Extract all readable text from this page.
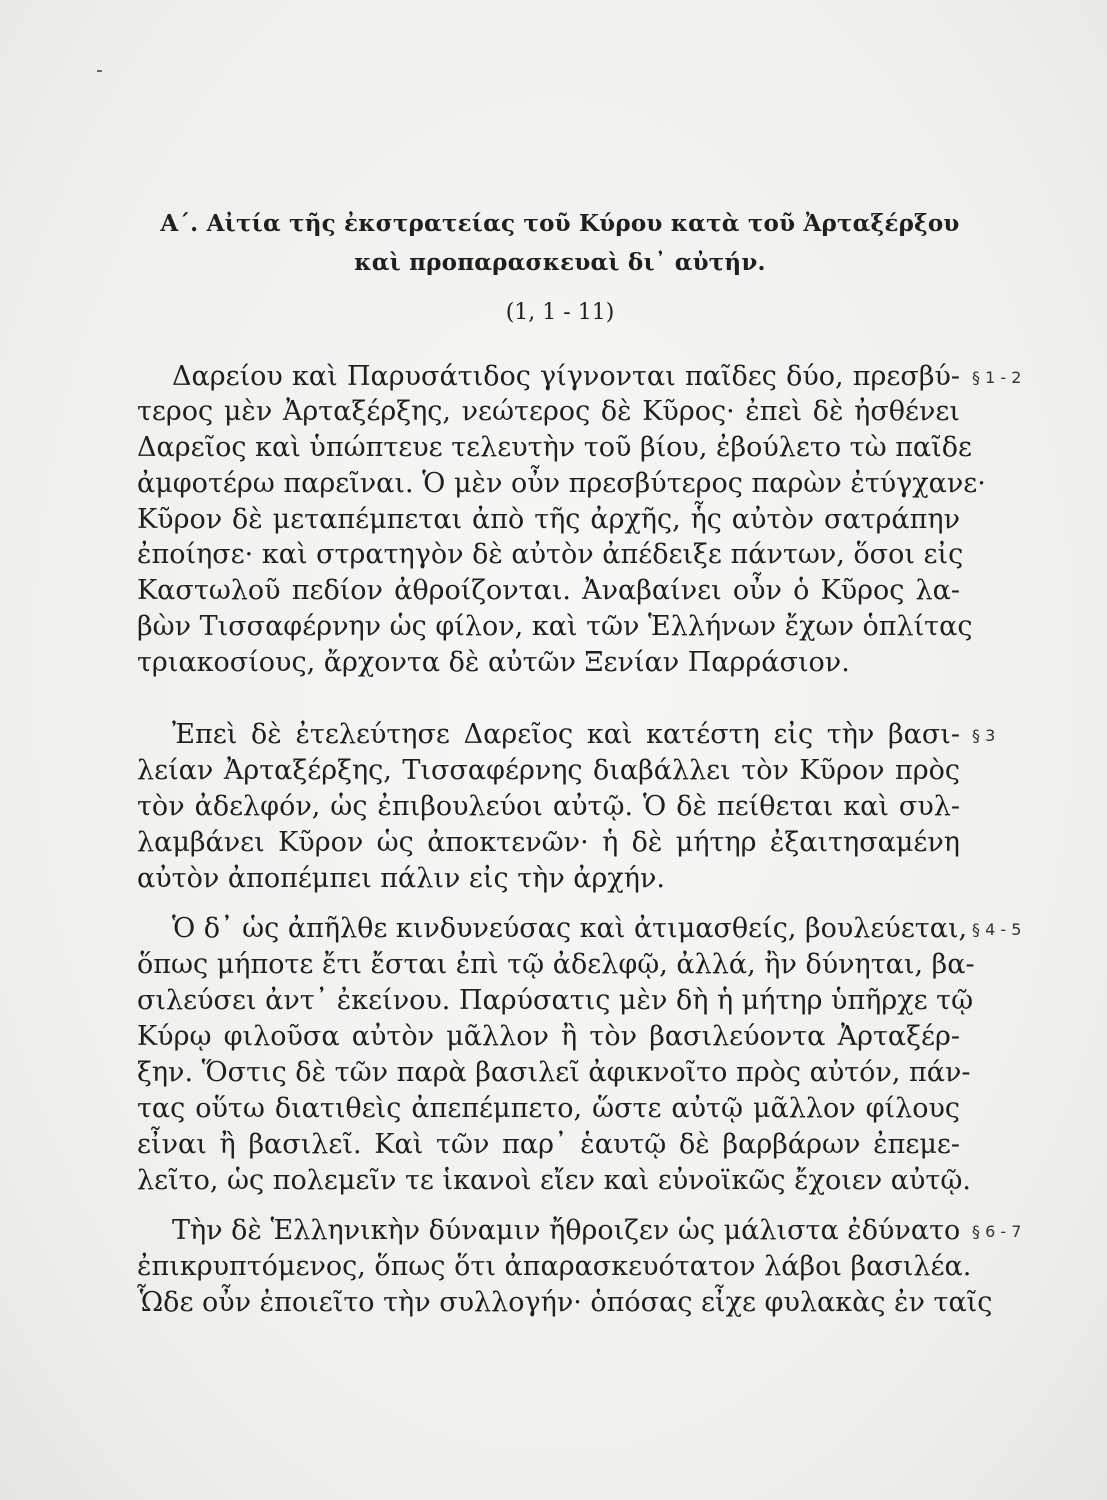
Α΄. Αἰτία τῆς ἐκστρατείας τοῦ Κύρου κατὰ τοῦ Ἀρταξέρξου
καὶ προπαρασκευαὶ δι᾽ αὐτήν.
(1, 1 - 11)
Δαρείου καὶ Παρυσάτιδος γίγνονται παῖδες δύο, πρεσβύ-
τερος μὲν Ἀρταξέρξης, νεώτερος δὲ Κῦρος· ἐπεὶ δὲ ἠσθένει
Δαρεῖος καὶ ὑπώπτευε τελευτὴν τοῦ βίου, ἐβούλετο τὼ παῖδε
ἀμφοτέρω παρεῖναι. Ὁ μὲν οὖν πρεσβύτερος παρὼν ἐτύγχανε·
Κῦρον δὲ μεταπέμπεται ἀπὸ τῆς ἀρχῆς, ἧς αὐτὸν σατράπην
ἐποίησε· καὶ στρατηγὸν δὲ αὐτὸν ἀπέδειξε πάντων, ὅσοι εἰς
Καστωλοῦ πεδίον ἀθροίζονται. Ἀναβαίνει οὖν ὁ Κῦρος λα-
βὼν Τισσαφέρνην ὡς φίλον, καὶ τῶν Ἑλλήνων ἔχων ὁπλίτας
τριακοσίους, ἄρχοντα δὲ αὐτῶν Ξενίαν Παρράσιον.
Ἐπεὶ δὲ ἐτελεύτησε Δαρεῖος καὶ κατέστη εἰς τὴν βασι-
λείαν Ἀρταξέρξης, Τισσαφέρνης διαβάλλει τὸν Κῦρον πρὸς
τὸν ἀδελφόν, ὡς ἐπιβουλεύοι αὐτῷ. Ὁ δὲ πείθεται καὶ συλ-
λαμβάνει Κῦρον ὡς ἀποκτενῶν· ἡ δὲ μήτηρ ἐξαιτησαμένη
αὐτὸν ἀποπέμπει πάλιν εἰς τὴν ἀρχήν.
Ὁ δ᾽ ὡς ἀπῆλθε κινδυνεύσας καὶ ἀτιμασθείς, βουλεύεται,
ὅπως μήποτε ἔτι ἔσται ἐπὶ τῷ ἀδελφῷ, ἀλλά, ἢν δύνηται, βα-
σιλεύσει ἀντ᾽ ἐκείνου. Παρύσατις μὲν δὴ ἡ μήτηρ ὑπῆρχε τῷ
Κύρῳ φιλοῦσα αὐτὸν μᾶλλον ἢ τὸν βασιλεύοντα Ἀρταξέρ-
ξην. Ὅστις δὲ τῶν παρὰ βασιλεῖ ἀφικνοῖτο πρὸς αὐτόν, πάν-
τας οὕτω διατιθεὶς ἀπεπέμπετο, ὥστε αὐτῷ μᾶλλον φίλους
εἶναι ἢ βασιλεῖ. Καὶ τῶν παρ᾽ ἑαυτῷ δὲ βαρβάρων ἐπεμε-
λεῖτο, ὡς πολεμεῖν τε ἱκανοὶ εἴεν καὶ εὐνοϊκῶς ἔχοιεν αὐτῷ.
Τὴν δὲ Ἑλληνικὴν δύναμιν ἤθροιζεν ὡς μάλιστα ἐδύνατο
ἐπικρυπτόμενος, ὅπως ὅτι ἀπαρασκευότατον λάβοι βασιλέα.
Ὧδε οὖν ἐποιεῖτο τὴν συλλογήν· ὁπόσας εἶχε φυλακὰς ἐν ταῖς
§ 1 - 2
§ 3
§ 4 - 5
§ 6 - 7
